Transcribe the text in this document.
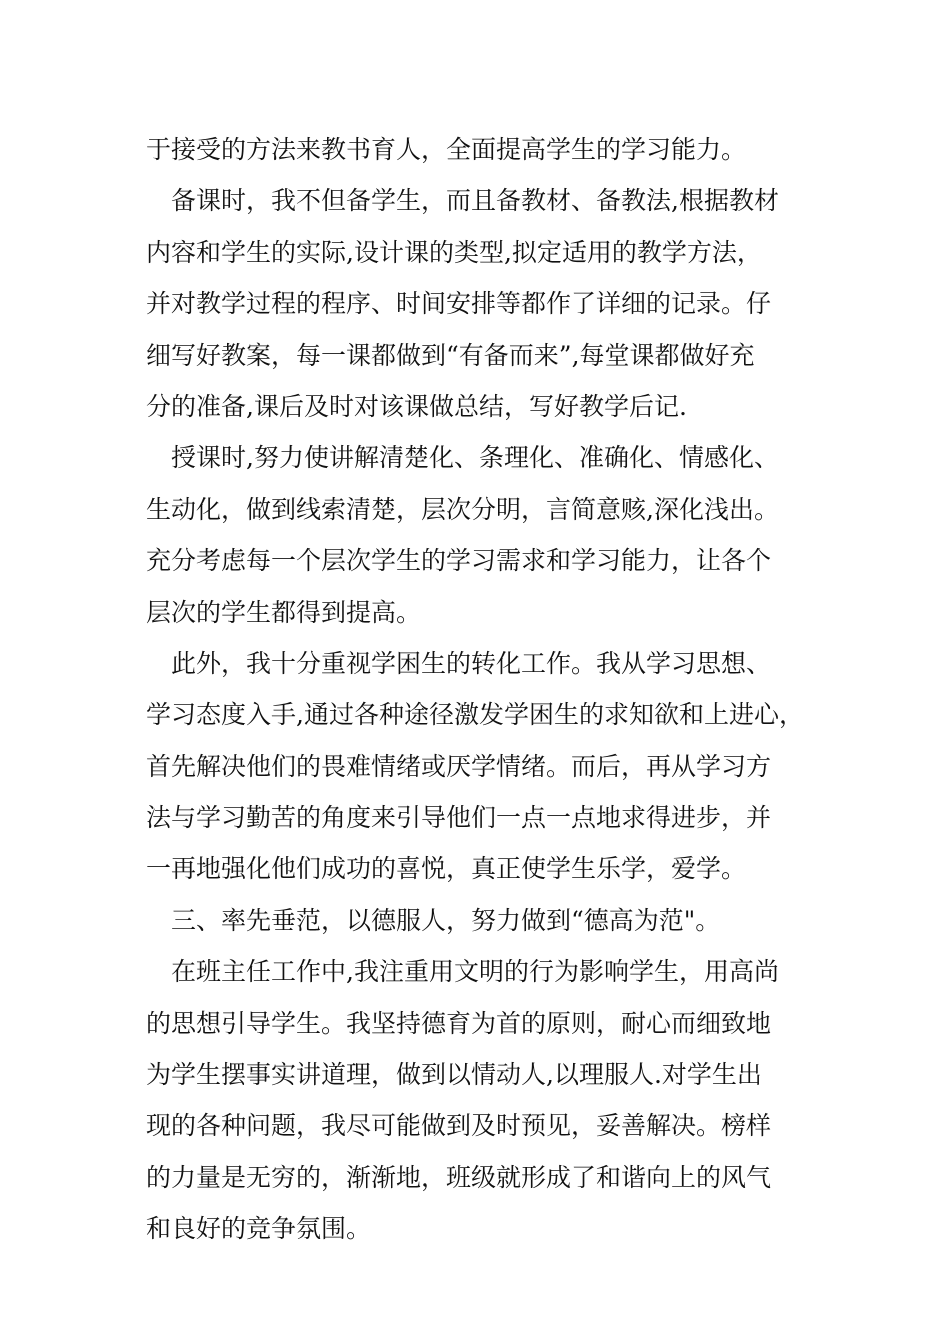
于接受的方法来教书育人，全面提高学生的学习能力。
备课时，我不但备学生，而且备教材、备教法,根据教材
内容和学生的实际,设计课的类型,拟定适用的教学方法，
并对教学过程的程序、时间安排等都作了详细的记录。仔
细写好教案，每一课都做到“有备而来”,每堂课都做好充
分的准备,课后及时对该课做总结，写好教学后记.
授课时,努力使讲解清楚化、条理化、准确化、情感化、
生动化，做到线索清楚，层次分明，言简意赅,深化浅出。
充分考虑每一个层次学生的学习需求和学习能力，让各个
层次的学生都得到提高。
此外，我十分重视学困生的转化工作。我从学习思想、
学习态度入手,通过各种途径激发学困生的求知欲和上进心，
首先解决他们的畏难情绪或厌学情绪。而后，再从学习方
法与学习勤苦的角度来引导他们一点一点地求得进步，并
一再地强化他们成功的喜悦，真正使学生乐学，爱学。
三、率先垂范，以德服人，努力做到“德高为范"。
在班主任工作中,我注重用文明的行为影响学生，用高尚
的思想引导学生。我坚持德育为首的原则，耐心而细致地
为学生摆事实讲道理，做到以情动人,以理服人.对学生出
现的各种问题，我尽可能做到及时预见，妥善解决。榜样
的力量是无穷的，渐渐地，班级就形成了和谐向上的风气
和良好的竞争氛围。
